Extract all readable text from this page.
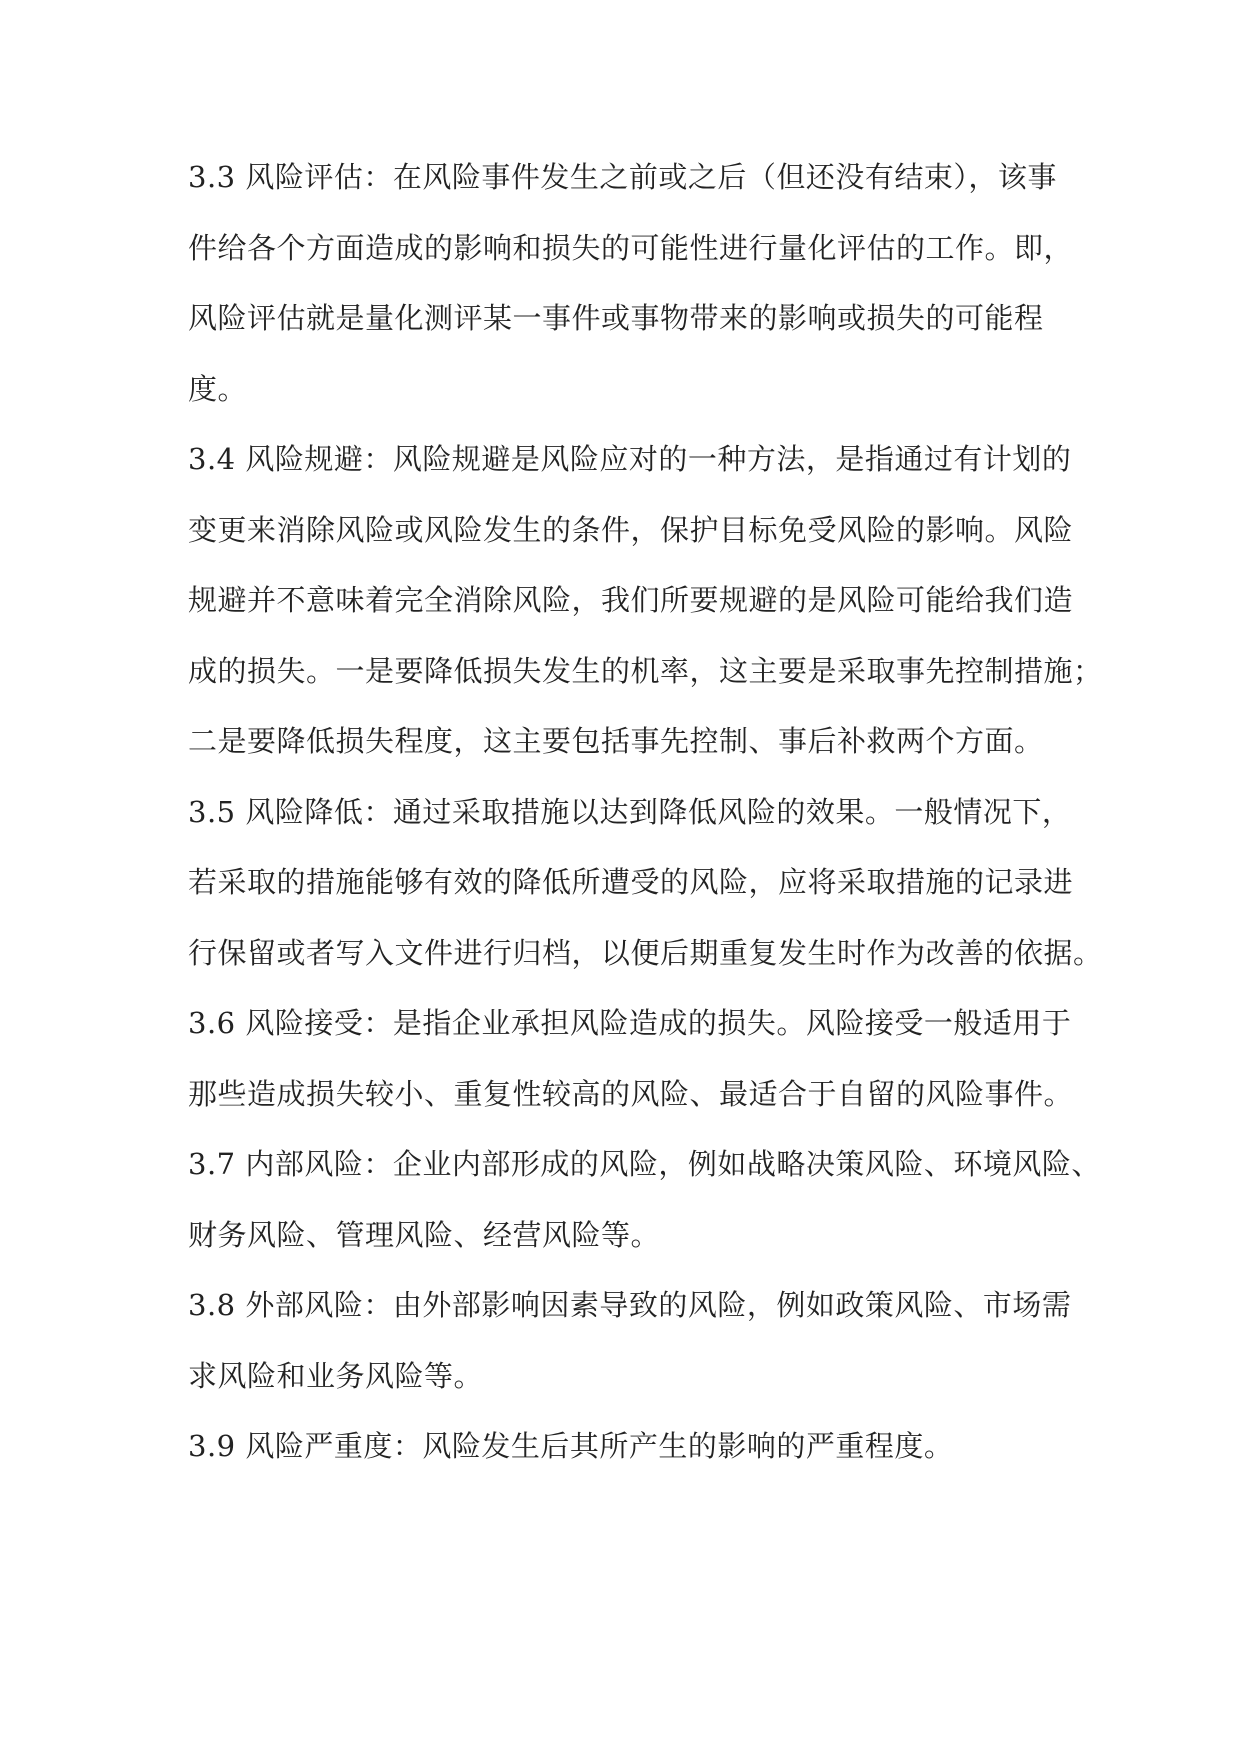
3.3 风险评估：在风险事件发生之前或之后（但还没有结束），该事
件给各个方面造成的影响和损失的可能性进行量化评估的工作。即，
风险评估就是量化测评某一事件或事物带来的影响或损失的可能程
度。
3.4 风险规避：风险规避是风险应对的一种方法，是指通过有计划的
变更来消除风险或风险发生的条件，保护目标免受风险的影响。风险
规避并不意味着完全消除风险，我们所要规避的是风险可能给我们造
成的损失。一是要降低损失发生的机率，这主要是采取事先控制措施；
二是要降低损失程度，这主要包括事先控制、事后补救两个方面。
3.5 风险降低：通过采取措施以达到降低风险的效果。一般情况下，
若采取的措施能够有效的降低所遭受的风险，应将采取措施的记录进
行保留或者写入文件进行归档，以便后期重复发生时作为改善的依据。
3.6 风险接受：是指企业承担风险造成的损失。风险接受一般适用于
那些造成损失较小、重复性较高的风险、最适合于自留的风险事件。
3.7 内部风险：企业内部形成的风险，例如战略决策风险、环境风险、
财务风险、管理风险、经营风险等。
3.8 外部风险：由外部影响因素导致的风险，例如政策风险、市场需
求风险和业务风险等。
3.9 风险严重度：风险发生后其所产生的影响的严重程度。
